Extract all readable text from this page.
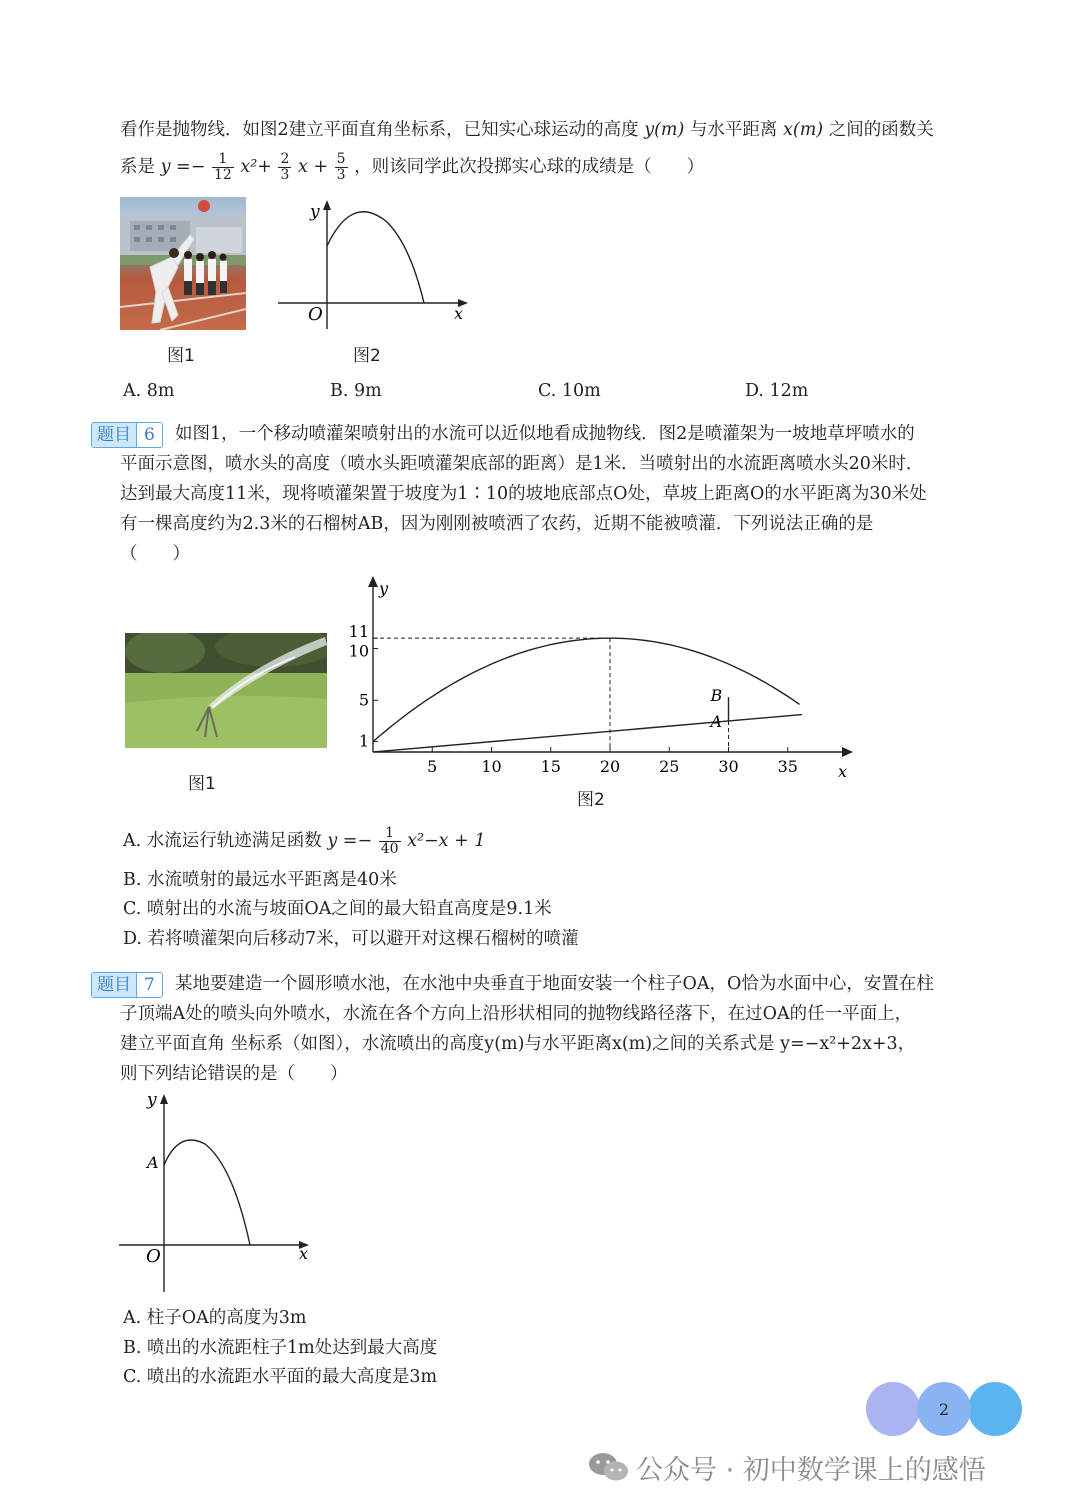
看作是抛物线．如图2建立平面直角坐标系，已知实心球运动的高度 y(m) 与水平距离 x(m) 之间的函数关
系是 $y =- \frac{1}{12} x^2+ \frac{2}{3}$ $x + \frac{5}{3}$ ，则该同学此次投掷实心球的成绩是（　　）
y
x
O
图1	图2
A. 8m	B. 9m	C. 10m	D. 12m
题目 6	如图1，一个移动喷灌架喷射出的水流可以近似地看成抛物线．图2是喷灌架为一坡地草坪喷水的
平面示意图，喷水头的高度（喷水头距喷灌架底部的距离）是1米．当喷射出的水流距离喷水头20米时．
达到最大高度11米，现将喷灌架置于坡度为1∶10的坡地底部点O处，草坡上距离O的水平距离为30米处
有一棵高度约为2.3米的石榴树AB，因为刚刚被喷洒了农药，近期不能被喷灌．下列说法正确的是
（　　）
图1
y
x
5	10 15 20 25 30 35
1
5
10
11
B
A
图2
A. 水流运行轨迹满足函数 $y =- \frac{1}{40} x^2-x + 1$
B. 水流喷射的最远水平距离是40米
C. 喷射出的水流与坡面OA之间的最大铅直高度是9.1米
D. 若将喷灌架向后移动7米，可以避开对这棵石榴树的喷灌
题目 7	某地要建造一个圆形喷水池，在水池中央垂直于地面安装一个柱子OA，O恰为水面中心，安置在柱
子顶端A处的喷头向外喷水，水流在各个方向上沿形状相同的抛物线路径落下，在过OA的任一平面上，
建立平面直角 坐标系（如图），水流喷出的高度y(m)与水平距离x(m)之间的关系式是 y=−x²+2x+3，
则下列结论错误的是（　　）
y
x
O
A
A. 柱子OA的高度为3m
B. 喷出的水流距柱子1m处达到最大高度
C. 喷出的水流距水平面的最大高度是3m
2
公众号 · 初中数学课上的感悟
